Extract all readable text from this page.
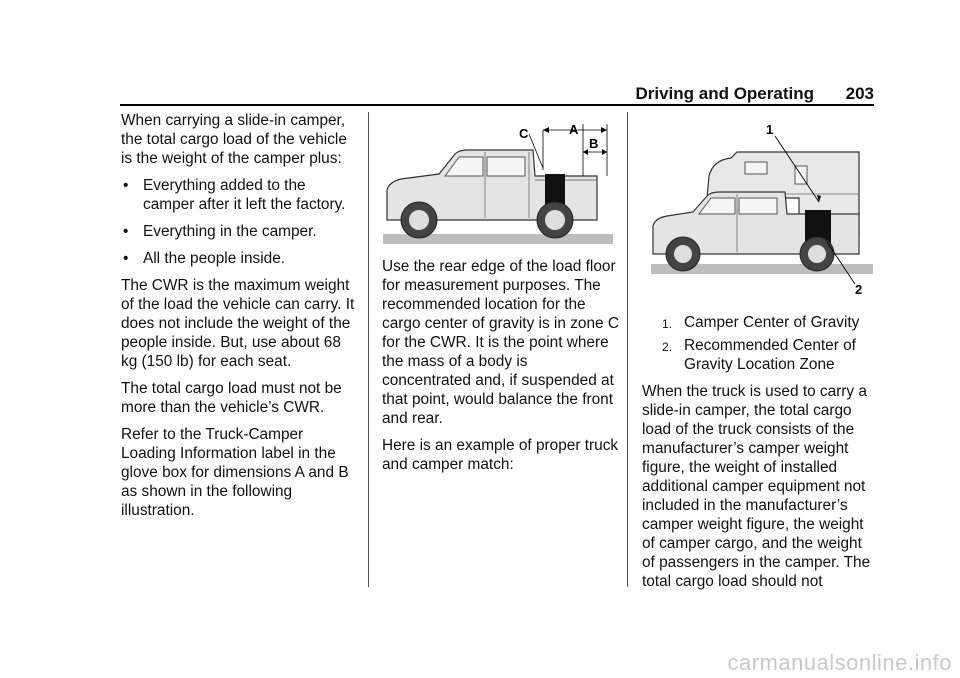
Driving and Operating 203

When carrying a slide-in camper, the total cargo load of the vehicle is the weight of the camper plus:

• Everything added to the camper after it left the factory.
• Everything in the camper.
• All the people inside.

The CWR is the maximum weight of the load the vehicle can carry. It does not include the weight of the people inside. But, use about 68 kg (150 lb) for each seat.

The total cargo load must not be more than the vehicle’s CWR.

Refer to the Truck-Camper Loading Information label in the glove box for dimensions A and B as shown in the following illustration.

C	A
B

Use the rear edge of the load floor for measurement purposes. The recommended location for the cargo center of gravity is in zone C for the CWR. It is the point where the mass of a body is concentrated and, if suspended at that point, would balance the front and rear.

Here is an example of proper truck and camper match:

1
2
1. Camper Center of Gravity
2. Recommended Center of Gravity Location Zone

When the truck is used to carry a slide-in camper, the total cargo load of the truck consists of the manufacturer’s camper weight figure, the weight of installed additional camper equipment not included in the manufacturer’s camper weight figure, the weight of camper cargo, and the weight of passengers in the camper. The total cargo load should not

carmanualsonline.info
